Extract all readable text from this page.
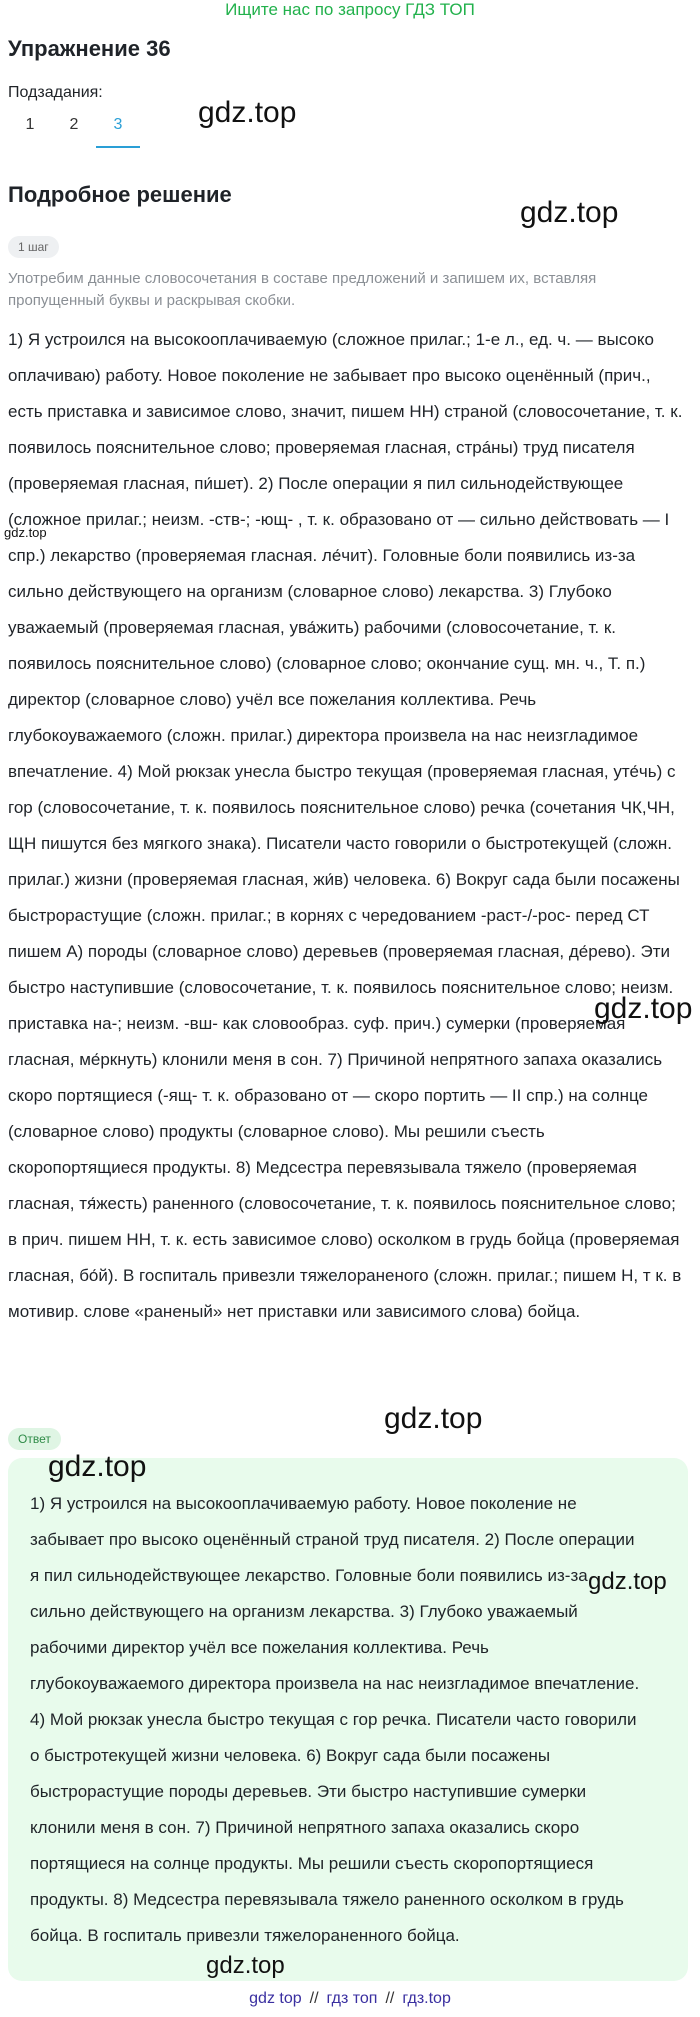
Ищите нас по запросу ГДЗ ТОП
Упражнение 36
Подзадания:
1	2	3	gdz.top
gdz.top
Подробное решение
1 шаг
Употребим данные словосочетания в составе предложений и запишем их, вставляя пропущенный буквы и раскрывая скобки.
1) Я устроился на высокооплачиваемую (сложное прилаг.; 1-е л., ед. ч. — высоко оплачиваю) работу. Новое поколение не забывает про высоко оценённый (прич., есть приставка и зависимое слово, значит, пишем НН) страной (словосочетание, т. к. появилось пояснительное слово; проверяемая гласная, стрáны) труд писателя (проверяемая гласная, пи́шет). 2) После операции я пил сильнодействующее (сложное прилаг.; неизм. -ств-; -ющ- , т. к. образовано от — сильно действовать — I спр.) лекарство (проверяемая гласная. ле́чит). Головные боли появились из-за сильно действующего на организм (словарное слово) лекарства. 3) Глубоко уважаемый (проверяемая гласная, ува́жить) рабочими (словосочетание, т. к. появилось пояснительное слово) (словарное слово; окончание сущ. мн. ч., Т. п.) директор (словарное слово) учёл все пожелания коллектива. Речь глубокоуважаемого (сложн. прилаг.) директора произвела на нас неизгладимое впечатление. 4) Мой рюкзак унесла быстро текущая (проверяемая гласная, уте́чь) с гор (словосочетание, т. к. появилось пояснительное слово) речка (сочетания ЧК,ЧН, ЩН пишутся без мягкого знака). Писатели часто говорили о быстротекущей (сложн. прилаг.) жизни (проверяемая гласная, жи́в) человека. 6) Вокруг сада были посажены быстрорастущие (сложн. прилаг.; в корнях с чередованием -раст-/-рос- перед СТ пишем А) породы (словарное слово) деревьев (проверяемая гласная, де́рево). Эти быстро наступившие (словосочетание, т. к. появилось пояснительное слово; неизм. приставка на-; неизм. -вш- как словообраз. суф. прич.) сумерки (проверяемая гласная, ме́ркнуть) клонили меня в сон. 7) Причиной непрятного запаха оказались скоро портящиеся (-ящ- т. к. образовано от — скоро портить — II спр.) на солнце (словарное слово) продукты (словарное слово). Мы решили съесть скоропортящиеся продукты. 8) Медсестра перевязывала тяжело (проверяемая гласная, тя́жесть) раненного (словосочетание, т. к. появилось пояснительное слово; в прич. пишем НН, т. к. есть зависимое слово) осколком в грудь бойца (проверяемая гласная, бо́й). В госпиталь привезли тяжелораненого (сложн. прилаг.; пишем Н, т к. в мотивир. слове «раненый» нет приставки или зависимого слова) бойца.
gdz.top
gdz.top
gdz.top
Ответ
1) Я устроился на высокооплачиваемую работу. Новое поколение не забывает про высоко оценённый страной труд писателя. 2) После операции я пил сильнодействующее лекарство. Головные боли появились из-за сильно действующего на организм лекарства. 3) Глубоко уважаемый рабочими директор учёл все пожелания коллектива. Речь глубокоуважаемого директора произвела на нас неизгладимое впечатление. 4) Мой рюкзак унесла быстро текущая с гор речка. Писатели часто говорили о быстротекущей жизни человека. 6) Вокруг сада были посажены быстрорастущие породы деревьев. Эти быстро наступившие сумерки клонили меня в сон. 7) Причиной непрятного запаха оказались скоро портящиеся на солнце продукты. Мы решили съесть скоропортящиеся продукты. 8) Медсестра перевязывала тяжело раненного осколком в грудь бойца. В госпиталь привезли тяжелораненного бойца.
gdz.top
gdz.top
gdz.top
gdz top // гдз топ // гдз.top
